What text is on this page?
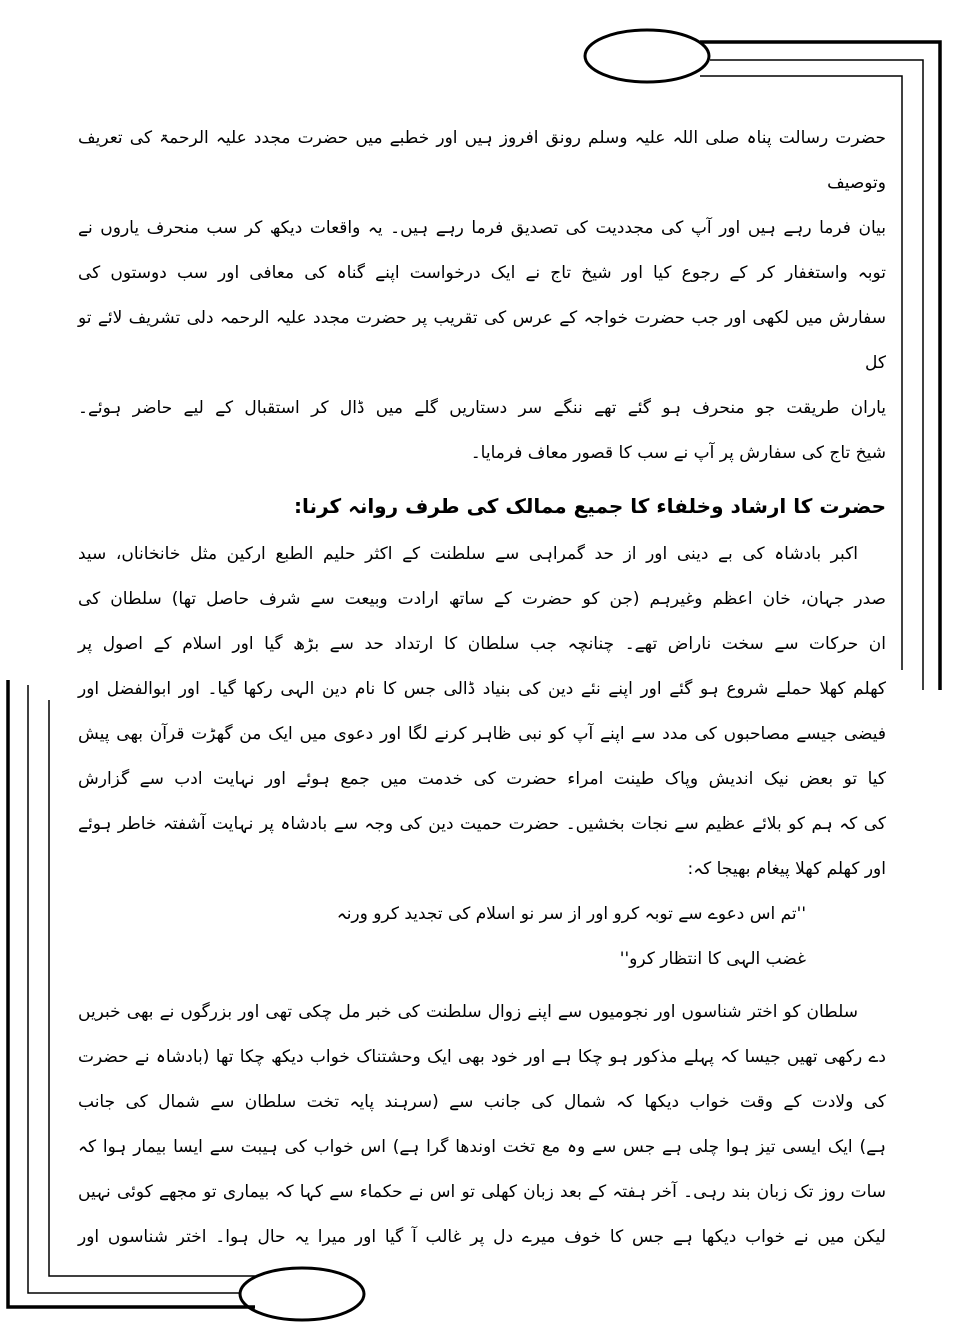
حضرت رسالت پناہ صلی اللہ علیہ وسلم رونق افروز ہیں اور خطبے میں حضرت مجدد علیہ الرحمۃ کی تعریف وتوصیف
بیان فرما رہے ہیں اور آپ کی مجددیت کی تصدیق فرما رہے ہیں۔ یہ واقعات دیکھ کر سب منحرف یاروں نے
توبہ واستغفار کر کے رجوع کیا اور شیخ تاج نے ایک درخواست اپنے گناہ کی معافی اور سب دوستوں کی
سفارش میں لکھی اور جب حضرت خواجہ کے عرس کی تقریب پر حضرت مجدد علیہ الرحمہ دلی تشریف لائے تو کل
یاران طریقت جو منحرف ہو گئے تھے ننگے سر دستاریں گلے میں ڈال کر استقبال کے لیے حاضر ہوئے۔
شیخ تاج کی سفارش پر آپ نے سب کا قصور معاف فرمایا۔
حضرت کا ارشاد وخلفاء کا جمیع ممالک کی طرف روانہ کرنا:
اکبر بادشاہ کی بے دینی اور از حد گمراہی سے سلطنت کے اکثر حلیم الطبع ارکین مثل خانخاناں، سید
صدر جہان، خان اعظم وغیرہم (جن کو حضرت کے ساتھ ارادت وبیعت سے شرف حاصل تھا) سلطان کی
ان حرکات سے سخت ناراض تھے۔ چنانچہ جب سلطان کا ارتداد حد سے بڑھ گیا اور اسلام کے اصول پر
کھلم کھلا حملے شروع ہو گئے اور اپنے نئے دین کی بنیاد ڈالی جس کا نام دین الہی رکھا گیا۔ اور ابوالفضل اور
فیضی جیسے مصاحبوں کی مدد سے اپنے آپ کو نبی ظاہر کرنے لگا اور دعوی میں ایک من گھڑت قرآن بھی پیش
کیا تو بعض نیک اندیش وپاک طینت امراء حضرت کی خدمت میں جمع ہوئے اور نہایت ادب سے گزارش
کی کہ ہم کو بلائے عظیم سے نجات بخشیں۔ حضرت حمیت دین کی وجہ سے بادشاہ پر نہایت آشفتہ خاطر ہوئے
اور کھلم کھلا پیغام بھیجا کہ:
''تم اس دعوے سے توبہ کرو اور از سر نو اسلام کی تجدید کرو ورنہ
غضب الہی کا انتظار کرو''
سلطان کو اختر شناسوں اور نجومیوں سے اپنے زوال سلطنت کی خبر مل چکی تھی اور بزرگوں نے بھی خبریں
دے رکھی تھیں جیسا کہ پہلے مذکور ہو چکا ہے اور خود بھی ایک وحشتناک خواب دیکھ چکا تھا (بادشاہ نے حضرت
کی ولادت کے وقت خواب دیکھا کہ شمال کی جانب سے (سرہند پایہ تخت سلطان سے شمال کی جانب
ہے) ایک ایسی تیز ہوا چلی ہے جس سے وہ مع تخت اوندھا گرا ہے) اس خواب کی ہیبت سے ایسا بیمار ہوا کہ
سات روز تک زبان بند رہی۔ آخر ہفتہ کے بعد زبان کھلی تو اس نے حکماء سے کہا کہ بیماری تو مجھے کوئی نہیں
لیکن میں نے خواب دیکھا ہے جس کا خوف میرے دل پر غالب آ گیا اور میرا یہ حال ہوا۔ اختر شناسوں اور
